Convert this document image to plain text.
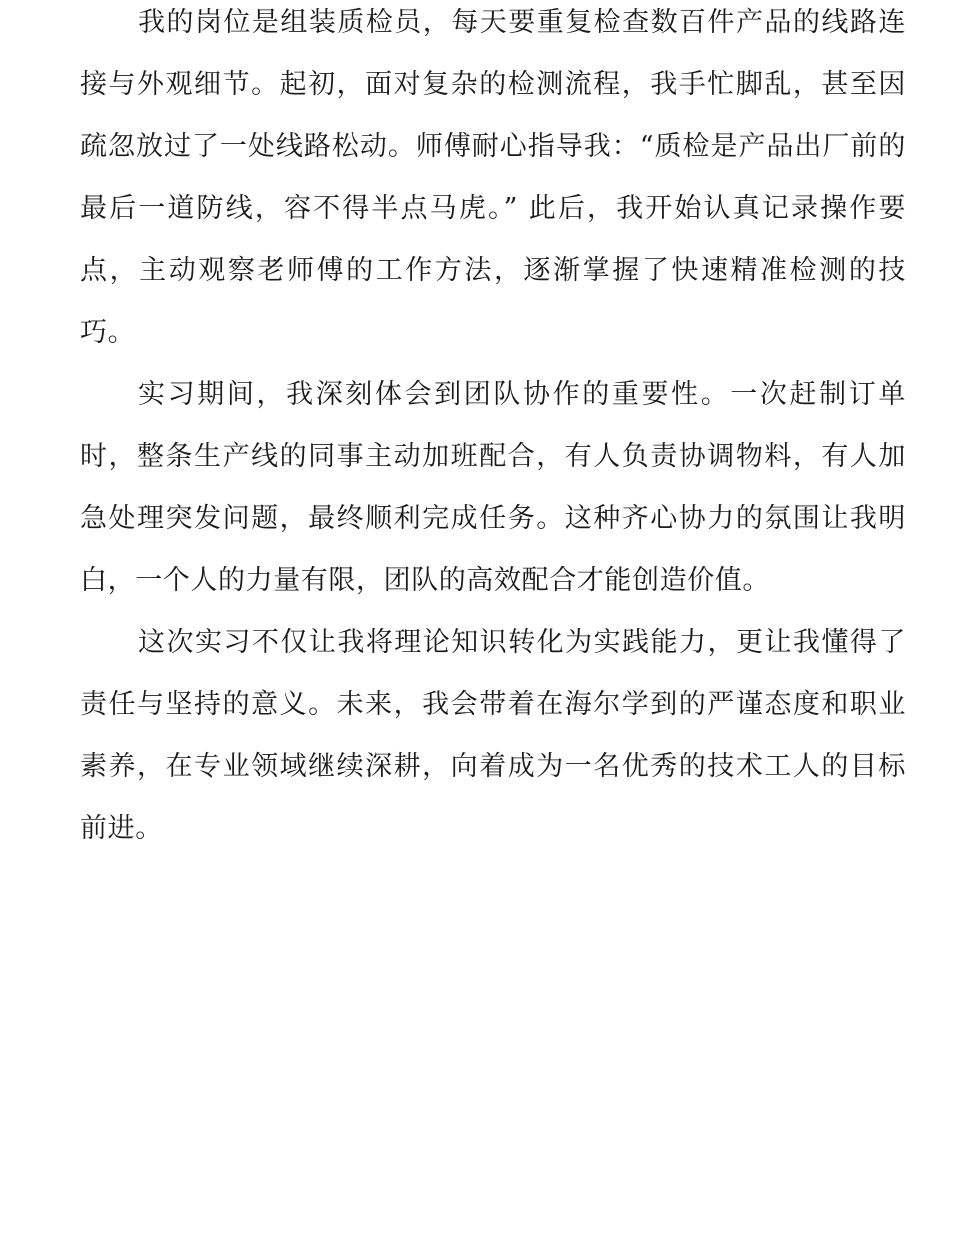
我的岗位是组装质检员，每天要重复检查数百件产品的线路连接与外观细节。起初，面对复杂的检测流程，我手忙脚乱，甚至因疏忽放过了一处线路松动。师傅耐心指导我：“质检是产品出厂前的最后一道防线，容不得半点马虎。” 此后，我开始认真记录操作要点，主动观察老师傅的工作方法，逐渐掌握了快速精准检测的技巧。

实习期间，我深刻体会到团队协作的重要性。一次赶制订单时，整条生产线的同事主动加班配合，有人负责协调物料，有人加急处理突发问题，最终顺利完成任务。这种齐心协力的氛围让我明白，一个人的力量有限，团队的高效配合才能创造价值。

这次实习不仅让我将理论知识转化为实践能力，更让我懂得了责任与坚持的意义。未来，我会带着在海尔学到的严谨态度和职业素养，在专业领域继续深耕，向着成为一名优秀的技术工人的目标前进。
